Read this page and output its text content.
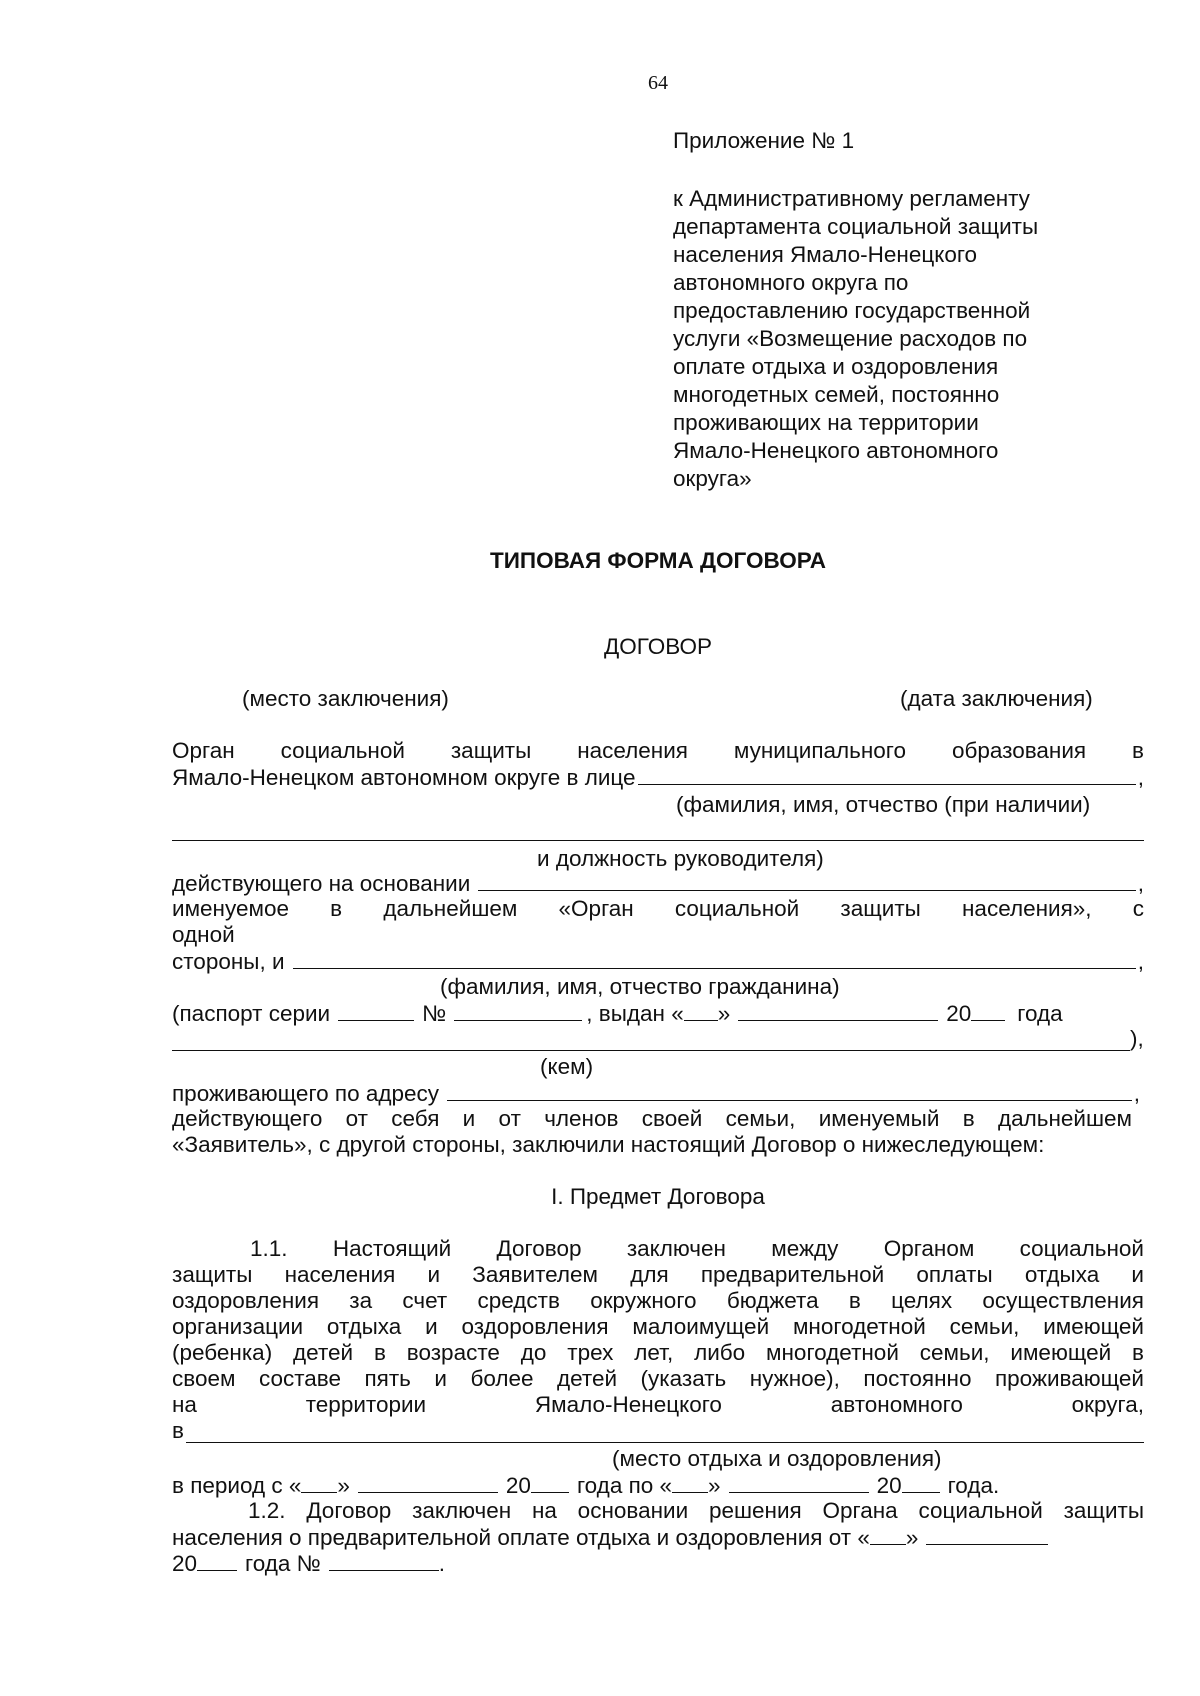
64
Приложение № 1
к Административному регламенту
департамента социальной защиты
населения Ямало-Ненецкого
автономного округа по
предоставлению государственной
услуги «Возмещение расходов по
оплате отдыха и оздоровления
многодетных семей, постоянно
проживающих на территории
Ямало-Ненецкого автономного
округа»
ТИПОВАЯ ФОРМА ДОГОВОРА
ДОГОВОР
(место заключения)	(дата заключения)
Орган социальной защиты населения муниципального образования в
Ямало-Ненецком автономном округе в лице	,
(фамилия, имя, отчество (при наличии)
и должность руководителя)
действующего на основании	,
именуемое в дальнейшем «Орган социальной защиты населения», с
одной
стороны, и	,
(фамилия, имя, отчество гражданина)
(паспорт серии	№	, выдан « »	20 года
),
(кем)
проживающего по адресу	,
действующего от себя и от членов своей семьи, именуемый в дальнейшем
«Заявитель», с другой стороны, заключили настоящий Договор о нижеследующем:
I. Предмет Договора
1.1. Настоящий Договор заключен между Органом социальной
защиты населения и Заявителем для предварительной оплаты отдыха и
оздоровления за счет средств окружного бюджета в целях осуществления
организации отдыха и оздоровления малоимущей многодетной семьи, имеющей
(ребенка) детей в возрасте до трех лет, либо многодетной семьи, имеющей в
своем составе пять и более детей (указать нужное), постоянно проживающей
на территории Ямало-Ненецкого автономного округа,
в
(место отдыха и оздоровления)
в период с « »	20 года по « »	20 года.
1.2. Договор заключен на основании решения Органа социальной защиты
населения о предварительной оплате отдыха и оздоровления от « »
20 года №	.
